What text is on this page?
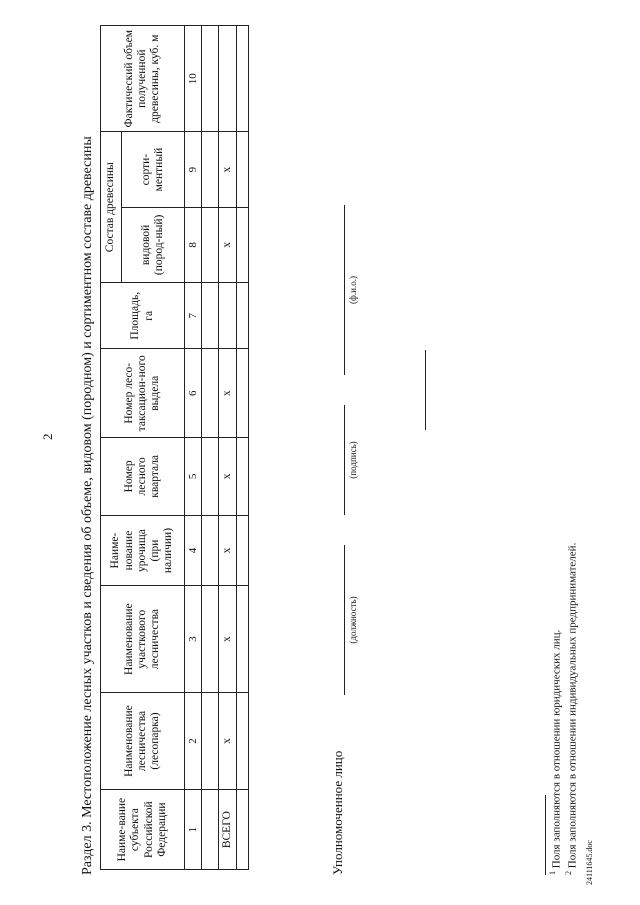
2 Раздел 3. Местоположение лесных участков и сведения об объеме, видовом (породном) и сортиментном составе древесины Наиме-вание субъекта Российской Федерации	Наименование лесничества (лесопарка)	Наименование участкового лесничества	Наиме-нование урочища (при наличии)	Номер лесного квартала	Номер лесо-таксацион-ного выдела	Площадь, га	Состав древесины		Фактический объем полученной древесины, куб. м
							видовой (пород-ный)	сорти-ментный	
1	2	3	4	5	6	7	8	9	10

ВСЕГО	x	x	x	x	x		x	x	

Уполномоченное лицо
(должность)
(подпись)
(ф.и.о.)
$^1$ Поля заполняются в отношении юридических лиц.
$^2$ Поля заполняются в отношении индивидуальных предпринимателей. 24111645.doc
